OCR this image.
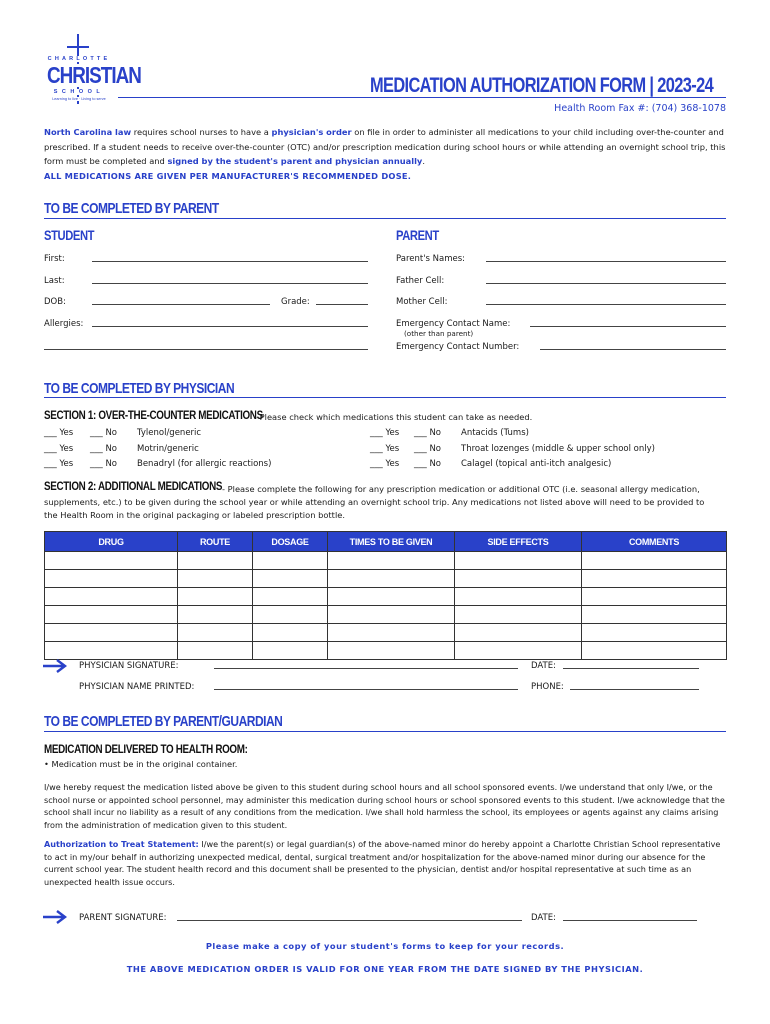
CHARLOTTE
CHRISTIAN
SCHOOL
Learning to live · Living to serve
MEDICATION AUTHORIZATION FORM | 2023-24
Health Room Fax #: (704) 368-1078
North Carolina law requires school nurses to have a physician's order on file in order to administer all medications to your child including over-the-counter and prescribed. If a student needs to receive over-the-counter (OTC) and/or prescription medication during school hours or while attending an overnight school trip, this form must be completed and signed by the student's parent and physician annually.
ALL MEDICATIONS ARE GIVEN PER MANUFACTURER'S RECOMMENDED DOSE.
TO BE COMPLETED BY PARENT
STUDENT	PARENT
First:
Last:
DOB:	Grade:
Allergies:
Parent's Names:
Father Cell:
Mother Cell:
Emergency Contact Name:
(other than parent)
Emergency Contact Number:
TO BE COMPLETED BY PHYSICIAN
SECTION 1: OVER-THE-COUNTER MEDICATIONS
- Please check which medications this student can take as needed.
___ Yes ___ No Tylenol/generic
___ Yes ___ No Motrin/generic
___ Yes ___ No Benadryl (for allergic reactions)
___ Yes ___ No Antacids (Tums)
___ Yes ___ No Throat lozenges (middle & upper school only)
___ Yes ___ No Calagel (topical anti-itch analgesic)
SECTION 2: ADDITIONAL MEDICATIONS - Please complete the following for any prescription medication or additional OTC (i.e. seasonal allergy medication,
supplements, etc.) to be given during the school year or while attending an overnight school trip. Any medications not listed above will need to be provided to
the Health Room in the original packaging or labeled prescription bottle.
DRUG	ROUTE	DOSAGE	TIMES TO BE GIVEN	SIDE EFFECTS	COMMENTS

PHYSICIAN SIGNATURE:	DATE:
PHYSICIAN NAME PRINTED:	PHONE:
TO BE COMPLETED BY PARENT/GUARDIAN
MEDICATION DELIVERED TO HEALTH ROOM:
• Medication must be in the original container.
I/we hereby request the medication listed above be given to this student during school hours and all school sponsored events. I/we understand that only I/we, or the school nurse or appointed school personnel, may administer this medication during school hours or school sponsored events to this student. I/we acknowledge that the school shall incur no liability as a result of any conditions from the medication. I/we shall hold harmless the school, its employees or agents against any claims arising from the administration of medication given to this student.
Authorization to Treat Statement: I/we the parent(s) or legal guardian(s) of the above-named minor do hereby appoint a Charlotte Christian School representative to act in my/our behalf in authorizing unexpected medical, dental, surgical treatment and/or hospitalization for the above-named minor during our absence for the current school year. The student health record and this document shall be presented to the physician, dentist and/or hospital representative at such time as an unexpected health issue occurs.
PARENT SIGNATURE:	DATE:
Please make a copy of your student's forms to keep for your records.
THE ABOVE MEDICATION ORDER IS VALID FOR ONE YEAR FROM THE DATE SIGNED BY THE PHYSICIAN.
